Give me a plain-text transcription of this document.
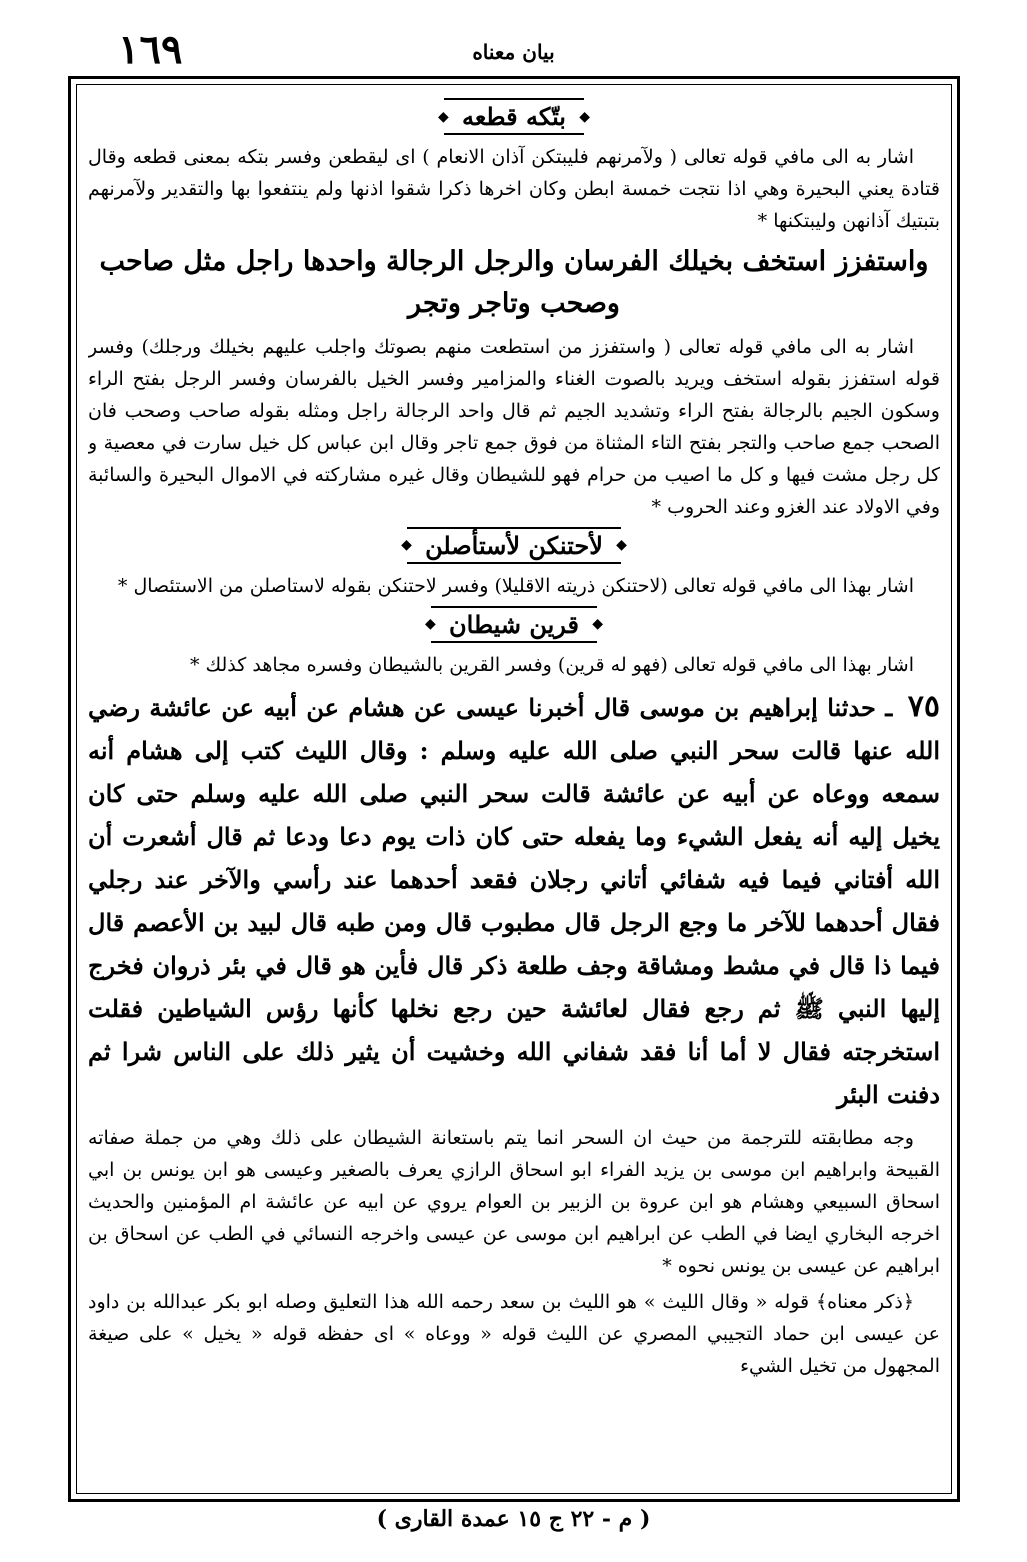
١٦٩	بیان معناه
◆ بتّكه قطعه ◆

اشار به الى مافي قوله تعالى ( ولآمرنهم فليبتكن آذان الانعام ) اى ليقطعن وفسر بتكه بمعنى قطعه وقال قتادة يعني البحيرة وهي اذا نتجت خمسة ابطن وكان اخرها ذكرا شقوا اذنها ولم ينتفعوا بها والتقدير ولآمرنهم بتبتيك آذانهن وليبتكنها *

واستفزز استخف بخيلك الفرسان والرجل الرجالة واحدها راجل مثل صاحب وصحب وتاجر وتجر

اشار به الى مافي قوله تعالى ( واستفزز من استطعت منهم بصوتك واجلب عليهم بخيلك ورجلك) وفسر قوله استفزز بقوله استخف ويريد بالصوت الغناء والمزامير وفسر الخيل بالفرسان وفسر الرجل بفتح الراء وسكون الجيم بالرجالة بفتح الراء وتشديد الجيم ثم قال واحد الرجالة راجل ومثله بقوله صاحب وصحب فان الصحب جمع صاحب والتجر بفتح التاء المثناة من فوق جمع تاجر وقال ابن عباس كل خيل سارت في معصية و كل رجل مشت فيها و كل ما اصيب من حرام فهو للشيطان وقال غيره مشاركته في الاموال البحيرة والسائبة وفي الاولاد عند الغزو وعند الحروب *

◆ لأحتنكن لأستأصلن ◆

اشار بهذا الى مافي قوله تعالى (لاحتنكن ذريته الاقليلا) وفسر لاحتنكن بقوله لاستاصلن من الاستئصال *

◆ قرين شيطان ◆

اشار بهذا الى مافي قوله تعالى (فهو له قرين) وفسر القرين بالشيطان وفسره مجاهد كذلك *

٧٥ ـ حدثنا إبراهيم بن موسى قال أخبرنا عيسى عن هشام عن أبيه عن عائشة رضي الله عنها قالت سحر النبي صلى الله عليه وسلم : وقال الليث كتب إلى هشام أنه سمعه ووعاه عن أبيه عن عائشة قالت سحر النبي صلى الله عليه وسلم حتى كان يخيل إليه أنه يفعل الشيء وما يفعله حتى كان ذات يوم دعا ودعا ثم قال أشعرت أن الله أفتاني فيما فيه شفائي أتاني رجلان فقعد أحدهما عند رأسي والآخر عند رجلي فقال أحدهما للآخر ما وجع الرجل قال مطبوب قال ومن طبه قال لبيد بن الأعصم قال فيما ذا قال في مشط ومشاقة وجف طلعة ذكر قال فأين هو قال في بئر ذروان فخرج إليها النبي ﷺ ثم رجع فقال لعائشة حين رجع نخلها كأنها رؤس الشياطين فقلت استخرجته فقال لا أما أنا فقد شفاني الله وخشيت أن يثير ذلك على الناس شرا ثم دفنت البئر

وجه مطابقته للترجمة من حيث ان السحر انما يتم باستعانة الشيطان على ذلك وهي من جملة صفاته القبيحة وابراهيم ابن موسى بن يزيد الفراء ابو اسحاق الرازي يعرف بالصغير وعيسى هو ابن يونس بن ابي اسحاق السبيعي وهشام هو ابن عروة بن الزبير بن العوام يروي عن ابيه عن عائشة ام المؤمنين والحديث اخرجه البخاري ايضا في الطب عن ابراهيم ابن موسى عن عيسى واخرجه النسائي في الطب عن اسحاق بن ابراهيم عن عيسى بن يونس نحوه *

﴿ذكر معناه﴾ قوله « وقال الليث » هو الليث بن سعد رحمه الله هذا التعليق وصله ابو بكر عبدالله بن داود عن عيسى ابن حماد التجيبي المصري عن الليث قوله « ووعاه » اى حفظه قوله « يخيل » على صيغة المجهول من تخيل الشيء

( م - ٢٢ ج ١٥ عمدة القارى )
